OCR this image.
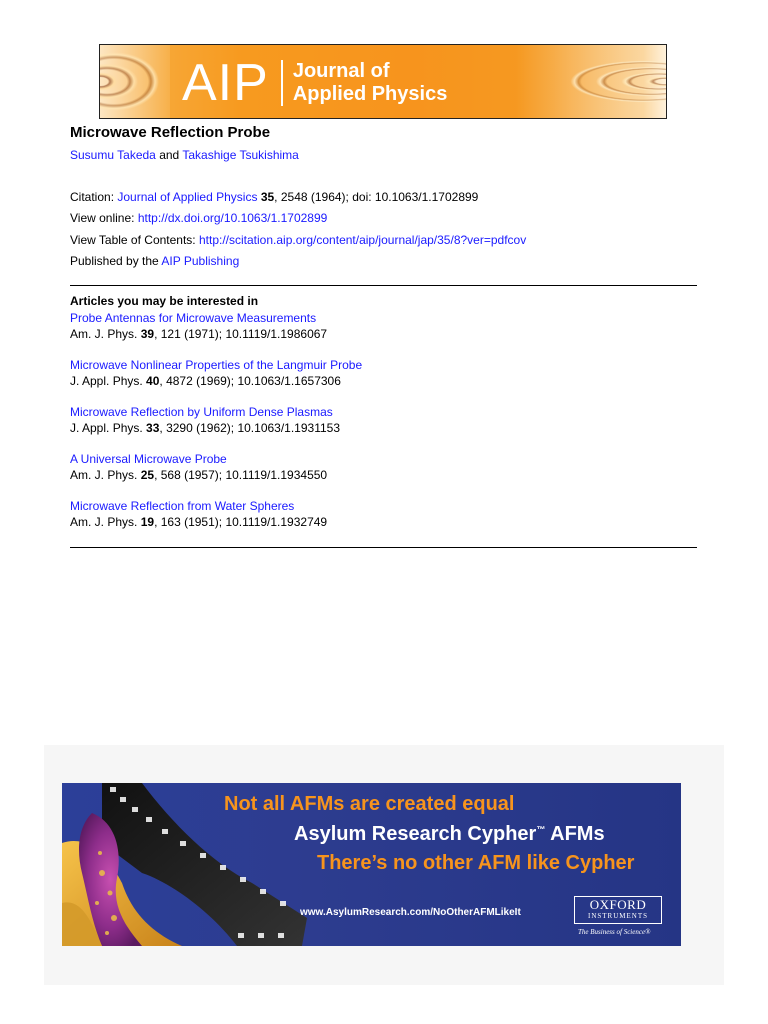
AIP Journal of
Applied Physics
Microwave Reflection Probe
Susumu Takeda and Takashige Tsukishima
Citation: Journal of Applied Physics 35, 2548 (1964); doi: 10.1063/1.1702899
View online: http://dx.doi.org/10.1063/1.1702899
View Table of Contents: http://scitation.aip.org/content/aip/journal/jap/35/8?ver=pdfcov
Published by the AIP Publishing
Articles you may be interested in
Probe Antennas for Microwave Measurements
Am. J. Phys. 39, 121 (1971); 10.1119/1.1986067
Microwave Nonlinear Properties of the Langmuir Probe
J. Appl. Phys. 40, 4872 (1969); 10.1063/1.1657306
Microwave Reflection by Uniform Dense Plasmas
J. Appl. Phys. 33, 3290 (1962); 10.1063/1.1931153
A Universal Microwave Probe
Am. J. Phys. 25, 568 (1957); 10.1119/1.1934550
Microwave Reflection from Water Spheres
Am. J. Phys. 19, 163 (1951); 10.1119/1.1932749
Not all AFMs are created equal
Asylum Research Cypher™ AFMs
There’s no other AFM like Cypher
www.AsylumResearch.com/NoOtherAFMLikeIt
OXFORD
INSTRUMENTS
The Business of Science®
